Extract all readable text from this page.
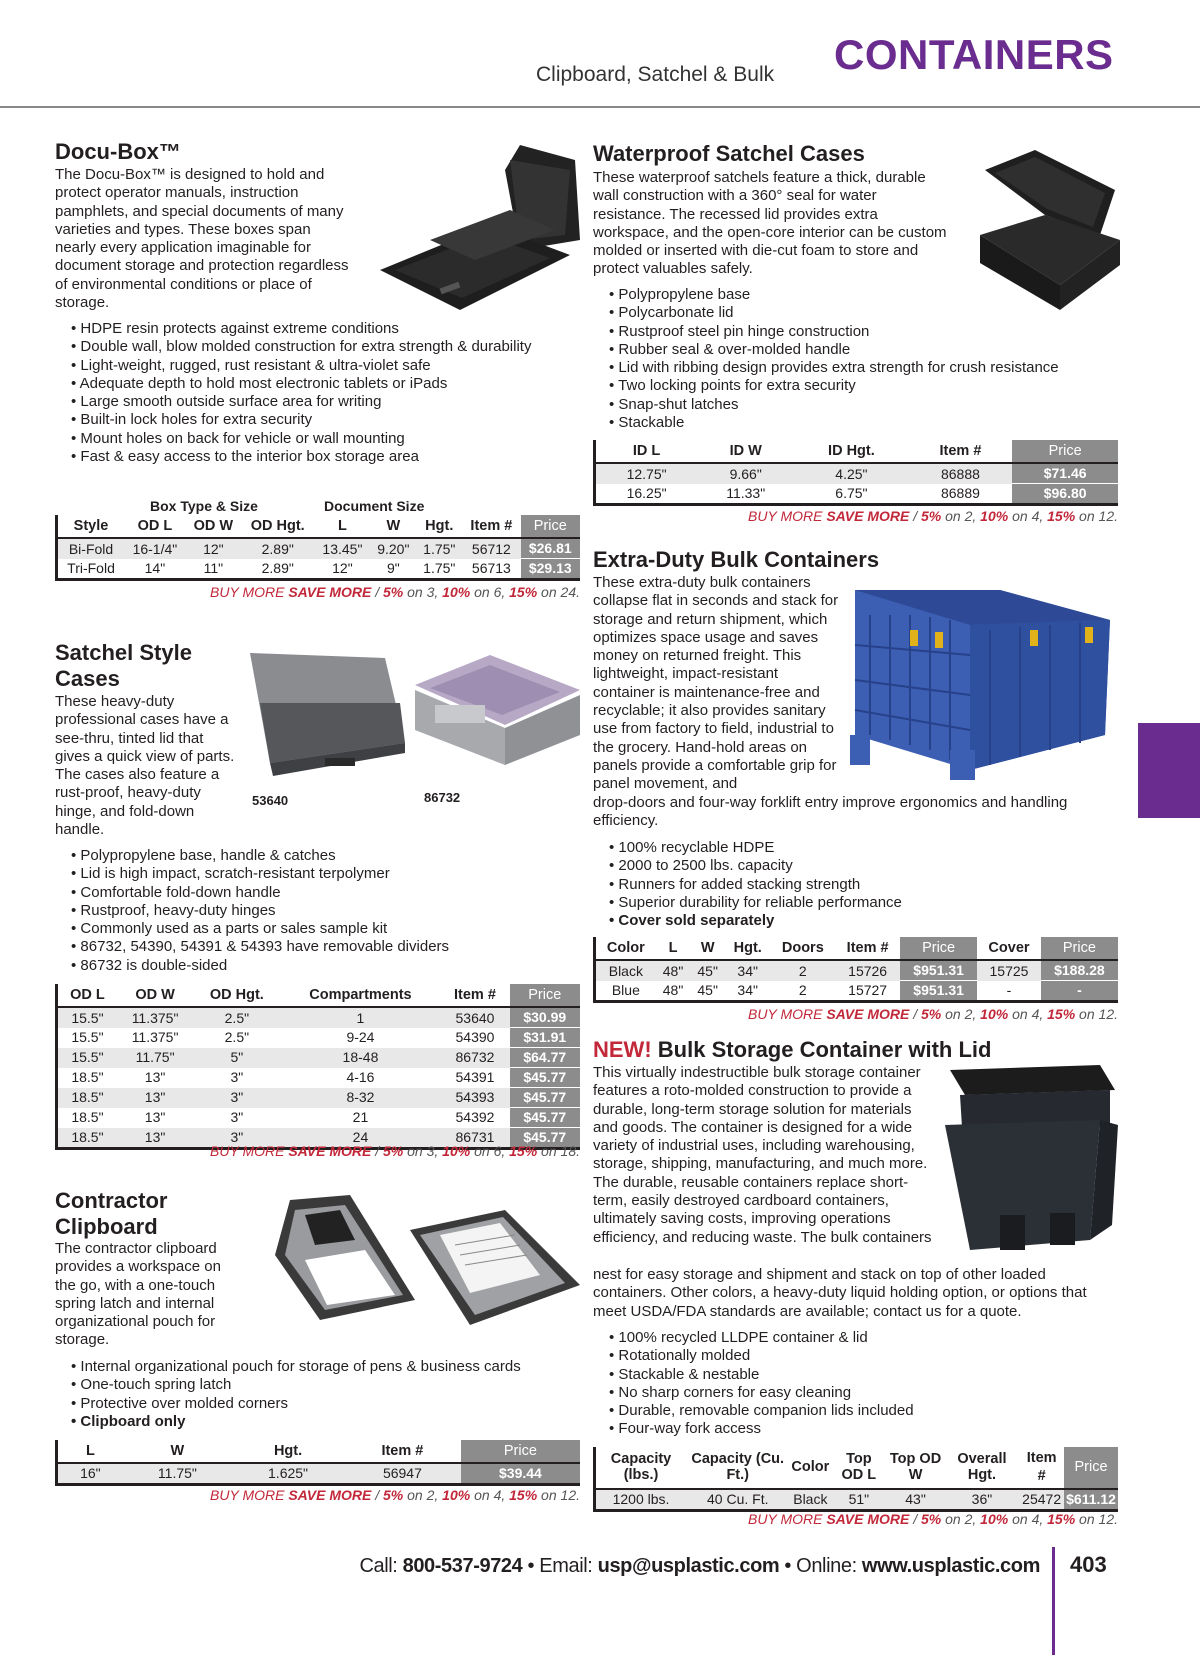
Clipboard, Satchel & Bulk CONTAINERS
Docu-Box™
The Docu-Box™ is designed to hold and protect operator manuals, instruction pamphlets, and special documents of many varieties and types. These boxes span nearly every application imaginable for document storage and protection regardless of environmental conditions or place of storage.
• HDPE resin protects against extreme conditions
• Double wall, blow molded construction for extra strength & durability
• Light-weight, rugged, rust resistant & ultra-violet safe
• Adequate depth to hold most electronic tablets or iPads
• Large smooth outside surface area for writing
• Built-in lock holes for extra security
• Mount holes on back for vehicle or wall mounting
• Fast & easy access to the interior box storage area
Box Type & Size	Document Size
Style	OD L	OD W	OD Hgt.	L	W	Hgt.	Item #	Price
Bi-Fold	16-1/4"	12"	2.89"	13.45"	9.20"	1.75"	56712	$26.81
Tri-Fold	14"	11"	2.89"	12"	9"	1.75"	56713	$29.13
BUY MORE SAVE MORE / 5% on 3, 10% on 6, 15% on 24.
Satchel Style Cases
These heavy-duty professional cases have a see-thru, tinted lid that gives a quick view of parts. The cases also feature a rust-proof, heavy-duty hinge, and fold-down handle.
53640	86732
• Polypropylene base, handle & catches
• Lid is high impact, scratch-resistant terpolymer
• Comfortable fold-down handle
• Rustproof, heavy-duty hinges
• Commonly used as a parts or sales sample kit
• 86732, 54390, 54391 & 54393 have removable dividers
• 86732 is double-sided
OD L	OD W	OD Hgt.	Compartments	Item #	Price
15.5"	11.375"	2.5"	1	53640	$30.99
15.5"	11.375"	2.5"	9-24	54390	$31.91
15.5"	11.75"	5"	18-48	86732	$64.77
18.5"	13"	3"	4-16	54391	$45.77
18.5"	13"	3"	8-32	54393	$45.77
18.5"	13"	3"	21	54392	$45.77
18.5"	13"	3"	24	86731	$45.77
BUY MORE SAVE MORE / 5% on 3, 10% on 6, 15% on 18.
Contractor Clipboard
The contractor clipboard provides a workspace on the go, with a one-touch spring latch and internal organizational pouch for storage.
• Internal organizational pouch for storage of pens & business cards
• One-touch spring latch
• Protective over molded corners
• Clipboard only
L	W	Hgt.	Item #	Price
16"	11.75"	1.625"	56947	$39.44
BUY MORE SAVE MORE / 5% on 2, 10% on 4, 15% on 12.
Waterproof Satchel Cases
These waterproof satchels feature a thick, durable wall construction with a 360° seal for water resistance. The recessed lid provides extra workspace, and the open-core interior can be custom molded or inserted with die-cut foam to store and protect valuables safely.
• Polypropylene base
• Polycarbonate lid
• Rustproof steel pin hinge construction
• Rubber seal & over-molded handle
• Lid with ribbing design provides extra strength for crush resistance
• Two locking points for extra security
• Snap-shut latches
• Stackable
ID L	ID W	ID Hgt.	Item #	Price
12.75"	9.66"	4.25"	86888	$71.46
16.25"	11.33"	6.75"	86889	$96.80
BUY MORE SAVE MORE / 5% on 2, 10% on 4, 15% on 12.
Extra-Duty Bulk Containers
These extra-duty bulk containers collapse flat in seconds and stack for storage and return shipment, which optimizes space usage and saves money on returned freight. This lightweight, impact-resistant container is maintenance-free and recyclable; it also provides sanitary use from factory to field, industrial to the grocery. Hand-hold areas on panels provide a comfortable grip for panel movement, and
drop-doors and four-way forklift entry improve ergonomics and handling efficiency.
• 100% recyclable HDPE
• 2000 to 2500 lbs. capacity
• Runners for added stacking strength
• Superior durability for reliable performance
• Cover sold separately
Color	L	W	Hgt.	Doors	Item #	Price	Cover	Price
Black	48"	45"	34"	2	15726	$951.31	15725	$188.28
Blue	48"	45"	34"	2	15727	$951.31	-	-
BUY MORE SAVE MORE / 5% on 2, 10% on 4, 15% on 12.
NEW! Bulk Storage Container with Lid
This virtually indestructible bulk storage container features a roto-molded construction to provide a durable, long-term storage solution for materials and goods. The container is designed for a wide variety of industrial uses, including warehousing, storage, shipping, manufacturing, and much more. The durable, reusable containers replace short-term, easily destroyed cardboard containers, ultimately saving costs, improving operations efficiency, and reducing waste. The bulk containers
nest for easy storage and shipment and stack on top of other loaded containers. Other colors, a heavy-duty liquid holding option, or options that meet USDA/FDA standards are available; contact us for a quote.
• 100% recycled LLDPE container & lid
• Rotationally molded
• Stackable & nestable
• No sharp corners for easy cleaning
• Durable, removable companion lids included
• Four-way fork access
Capacity (lbs.)	Capacity (Cu. Ft.)	Color	Top OD L	Top OD W	Overall Hgt.	Item #	Price
1200 lbs.	40 Cu. Ft.	Black	51"	43"	36"	25472	$611.12
BUY MORE SAVE MORE / 5% on 2, 10% on 4, 15% on 12.
Call: 800-537-9724 • Email: usp@usplastic.com • Online: www.usplastic.com 403
